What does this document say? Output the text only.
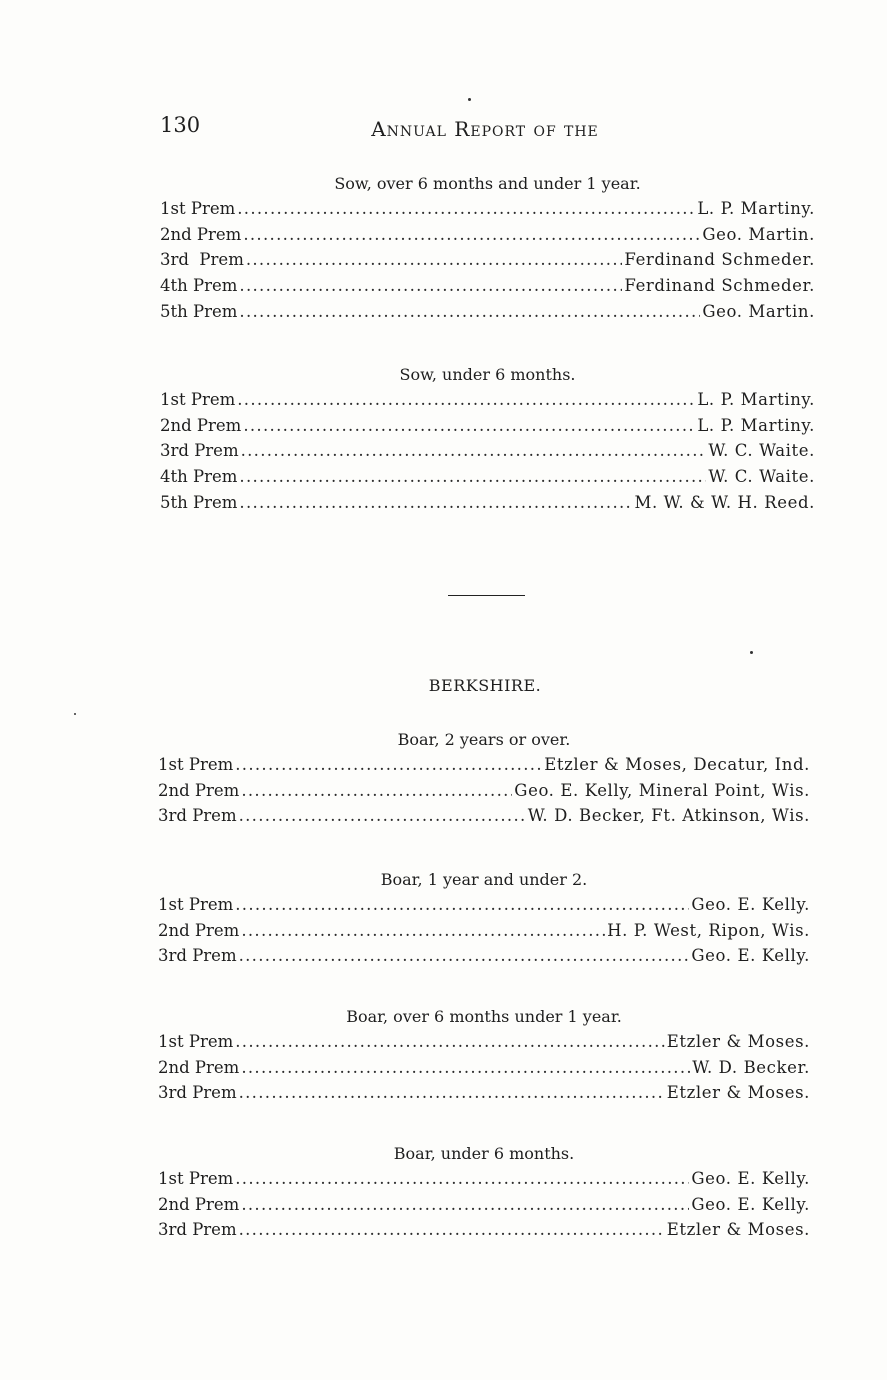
130	Annual Report of the
Sow, over 6 months and under 1 year.
1st Prem .....	L. P. Martiny.
2nd Prem .....	Geo. Martin.
3rd  Prem .....	Ferdinand Schmeder.
4th Prem .....	Ferdinand Schmeder.
5th Prem .....	Geo. Martin.
Sow, under 6 months.
1st Prem .....	L. P. Martiny.
2nd Prem .....	L. P. Martiny.
3rd Prem .....	W. C. Waite.
4th Prem .....	W. C. Waite.
5th Prem .....	M. W. & W. H. Reed.
BERKSHIRE.
Boar, 2 years or over.
1st Prem .....	Etzler & Moses, Decatur, Ind.
2nd Prem .....	Geo. E. Kelly, Mineral Point, Wis.
3rd Prem .....	W. D. Becker, Ft. Atkinson, Wis.
Boar, 1 year and under 2.
1st Prem .....	Geo. E. Kelly.
2nd Prem .....	H. P. West, Ripon, Wis.
3rd Prem .....	Geo. E. Kelly.
Boar, over 6 months under 1 year.
1st Prem .....	Etzler & Moses.
2nd Prem .....	W. D. Becker.
3rd Prem .....	Etzler & Moses.
Boar, under 6 months.
1st Prem .....	Geo. E. Kelly.
2nd Prem .....	Geo. E. Kelly.
3rd Prem .....	Etzler & Moses.
